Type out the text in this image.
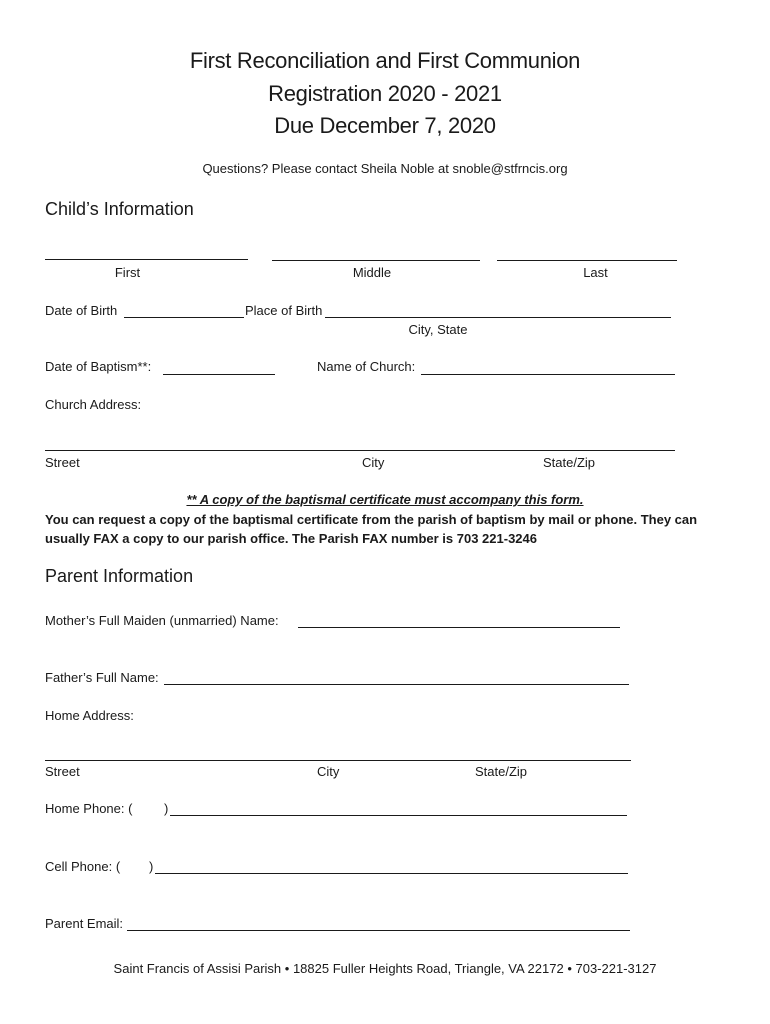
First Reconciliation and First Communion
Registration 2020 - 2021
Due December 7, 2020
Questions? Please contact Sheila Noble at snoble@stfrncis.org
Child’s Information
First	Middle	Last
Date of Birth	Place of Birth
City, State
Date of Baptism**:	Name of Church:
Church Address:
Street	City	State/Zip
** A copy of the baptismal certificate must accompany this form.
You can request a copy of the baptismal certificate from the parish of baptism by mail or phone. They can
usually FAX a copy to our parish office. The Parish FAX number is 703 221-3246
Parent Information
Mother’s Full Maiden (unmarried) Name:
Father’s Full Name:
Home Address:
Street	City	State/Zip
Home Phone: ( )
Cell Phone: ( )
Parent Email:
Saint Francis of Assisi Parish • 18825 Fuller Heights Road, Triangle, VA 22172 • 703-221-3127
